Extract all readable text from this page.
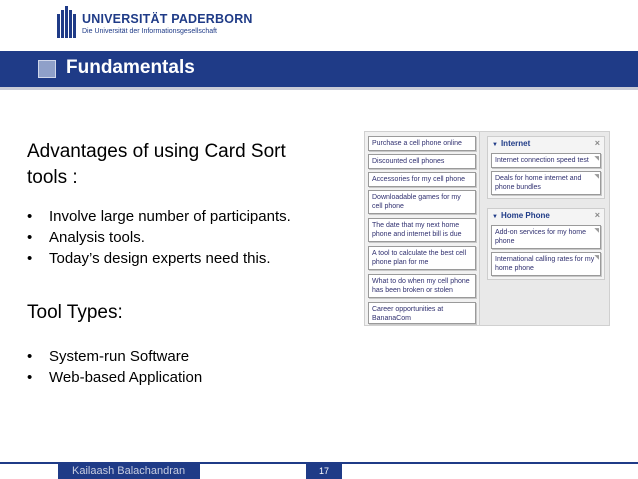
UNIVERSITÄT PADERBORN
Die Universität der Informationsgesellschaft
Fundamentals
Advantages of using Card Sort tools :
• Involve large number of participants.
• Analysis tools.
• Today’s design experts need this.
Tool Types:
• System-run Software
• Web-based Application
Purchase a cell phone online
Discounted cell phones
Accessories for my cell phone
Downloadable games for my cell phone
The date that my next home phone and internet bill is due
A tool to calculate the best cell phone plan for me
What to do when my cell phone has been broken or stolen
Career opportunities at BananaCom
▼ Internet	×
Internet connection speed test ◥
Deals for home internet and phone bundles
◥
▼ Home Phone	×
Add-on services for my home phone
◥
International calling rates for my home phone
◥
Kailaash Balachandran	17
